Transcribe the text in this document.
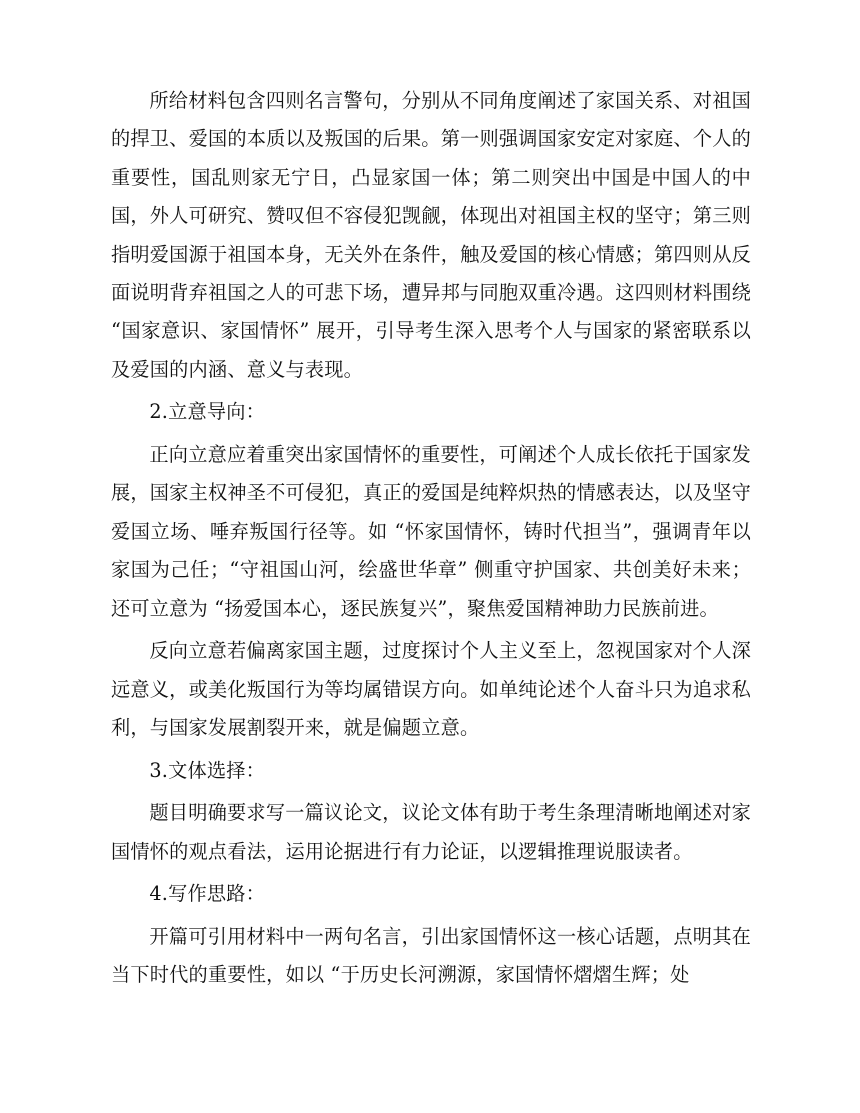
所给材料包含四则名言警句，分别从不同角度阐述了家国关系、对祖国的捍卫、爱国的本质以及叛国的后果。第一则强调国家安定对家庭、个人的重要性，国乱则家无宁日，凸显家国一体；第二则突出中国是中国人的中国，外人可研究、赞叹但不容侵犯觊觎，体现出对祖国主权的坚守；第三则指明爱国源于祖国本身，无关外在条件，触及爱国的核心情感；第四则从反面说明背弃祖国之人的可悲下场，遭异邦与同胞双重冷遇。这四则材料围绕 “国家意识、家国情怀” 展开，引导考生深入思考个人与国家的紧密联系以及爱国的内涵、意义与表现。

2.立意导向：

正向立意应着重突出家国情怀的重要性，可阐述个人成长依托于国家发展，国家主权神圣不可侵犯，真正的爱国是纯粹炽热的情感表达，以及坚守爱国立场、唾弃叛国行径等。如 “怀家国情怀，铸时代担当”，强调青年以家国为己任；“守祖国山河，绘盛世华章” 侧重守护国家、共创美好未来；还可立意为 “扬爱国本心，逐民族复兴”，聚焦爱国精神助力民族前进。

反向立意若偏离家国主题，过度探讨个人主义至上，忽视国家对个人深远意义，或美化叛国行为等均属错误方向。如单纯论述个人奋斗只为追求私利，与国家发展割裂开来，就是偏题立意。

3.文体选择：

题目明确要求写一篇议论文，议论文体有助于考生条理清晰地阐述对家国情怀的观点看法，运用论据进行有力论证，以逻辑推理说服读者。

4.写作思路：

开篇可引用材料中一两句名言，引出家国情怀这一核心话题，点明其在当下时代的重要性，如以 “于历史长河溯源，家国情怀熠熠生辉；处
